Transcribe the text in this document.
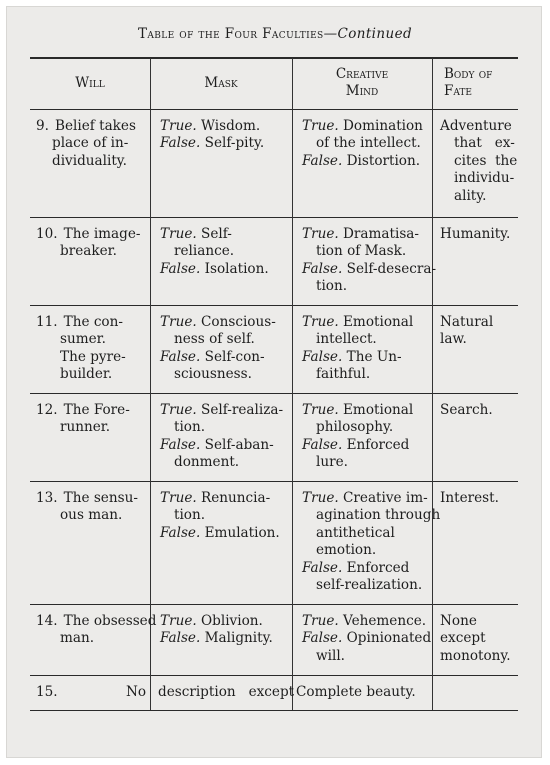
Table of the Four Faculties—Continued
Will	Mask
Creative
Mind
Body of
Fate
9. Belief takes
place of in-
dividuality.
True. Wisdom.
False. Self-pity.
True. Domination
of the intellect.
False. Distortion.
Adventure
that   ex-
cites  the
individu-
ality.
10. The image-
breaker.
True. Self-
reliance.
False. Isolation.
True. Dramatisa-
tion of Mask.
False. Self-desecra-
tion.
Humanity.
11. The con-
sumer.
The pyre-
builder.
True. Conscious-
ness of self.
False. Self-con-
sciousness.
True. Emotional
intellect.
False. The Un-
faithful.
Natural
law.
12. The Fore-
runner.
True. Self-realiza-
tion.
False. Self-aban-
donment.
True. Emotional
philosophy.
False. Enforced
lure.
Search.
13. The sensu-
ous man.
True. Renuncia-
tion.
False. Emulation.
True. Creative im-
agination through
antithetical
emotion.
False. Enforced
self-realization.
Interest.
14. The obsessed
man.
True. Oblivion.
False. Malignity.
True. Vehemence.
False. Opinionated
will.
None
except
monotony.
15.	No description   except Complete beauty.
